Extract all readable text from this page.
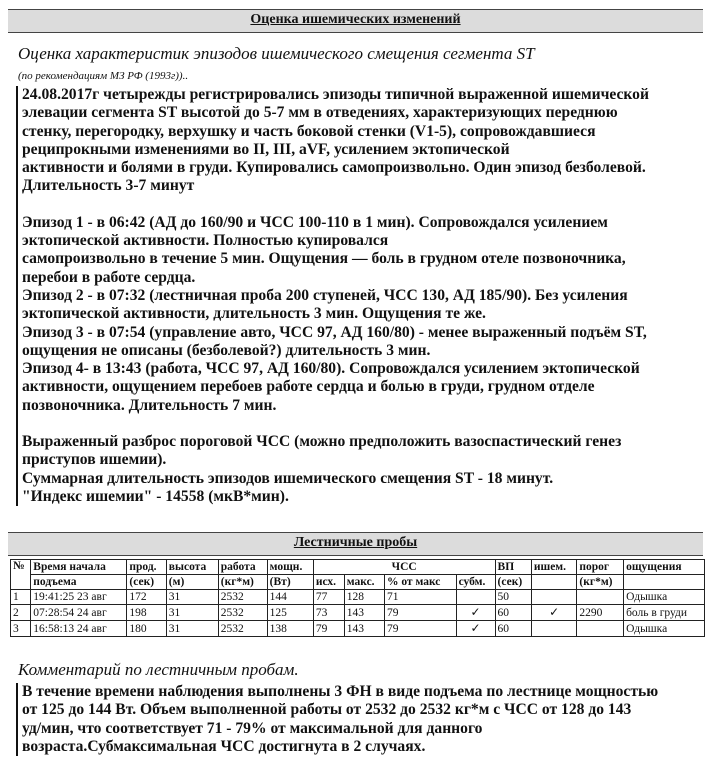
Оценка ишемических изменений
Оценка характеристик эпизодов ишемического смещения сегмента ST
(по рекомендациям МЗ РФ (1993г))..
24.08.2017г четырежды регистрировались эпизоды типичной выраженной ишемической
элевации сегмента ST высотой до 5-7 мм в отведениях, характеризующих переднюю
стенку, перегородку, верхушку и часть боковой стенки (V1-5), сопровождавшиеся
реципрокными изменениями во II, III, aVF, усилением эктопической
активности и болями в груди. Купировались самопроизвольно. Один эпизод безболевой.
Длительность 3-7 минут
Эпизод 1 - в 06:42 (АД до 160/90 и ЧСС 100-110 в 1 мин). Сопровождался усилением
эктопической активности. Полностью купировался
самопроизвольно в течение 5 мин. Ощущения — боль в грудном отеле позвоночника,
перебои в работе сердца.
Эпизод 2 - в 07:32 (лестничная проба 200 ступеней, ЧСС 130, АД 185/90). Без усиления
эктопической активности, длительность 3 мин. Ощущения те же.
Эпизод 3 - в 07:54 (управление авто, ЧСС 97, АД 160/80) - менее выраженный подъём ST,
ощущения не описаны (безболевой?) длительность 3 мин.
Эпизод 4- в 13:43 (работа, ЧСС 97, АД 160/80). Сопровождался усилением эктопической
активности, ощущением перебоев работе сердца и болью в груди, грудном отделе
позвоночника. Длительность 7 мин.
Выраженный разброс пороговой ЧСС (можно предположить вазоспастический генез
приступов ишемии).
Суммарная длительность эпизодов ишемического смещения ST - 18 минут.
"Индекс ишемии" - 14558 (мкВ*мин).
Лестничные пробы
№	Время начала	прод.	высота	работа	мощн.	ЧСС				ВП	ишем.	порог	ощущения
	подъема	(сек)	(м)	(кг*м)	(Вт)	исх.	макс.	% от макс	субм.	(сек)		(кг*м)	
1	19:41:25 23 авг	172	31	2532	144	77	128	71		50			Одышка
2	07:28:54 24 авг	198	31	2532	125	73	143	79	✓	60	✓	2290	боль в груди
3	16:58:13 24 авг	180	31	2532	138	79	143	79	✓	60			Одышка
Комментарий по лестничным пробам.
В течение времени наблюдения выполнены 3 ФН в виде подъема по лестнице мощностью
от 125 до 144 Вт. Объем выполненной работы от 2532 до 2532 кг*м с ЧСС от 128 до 143
уд/мин, что соответствует 71 - 79% от максимальной для данного
возраста.Субмаксимальная ЧСС достигнута в 2 случаях.
